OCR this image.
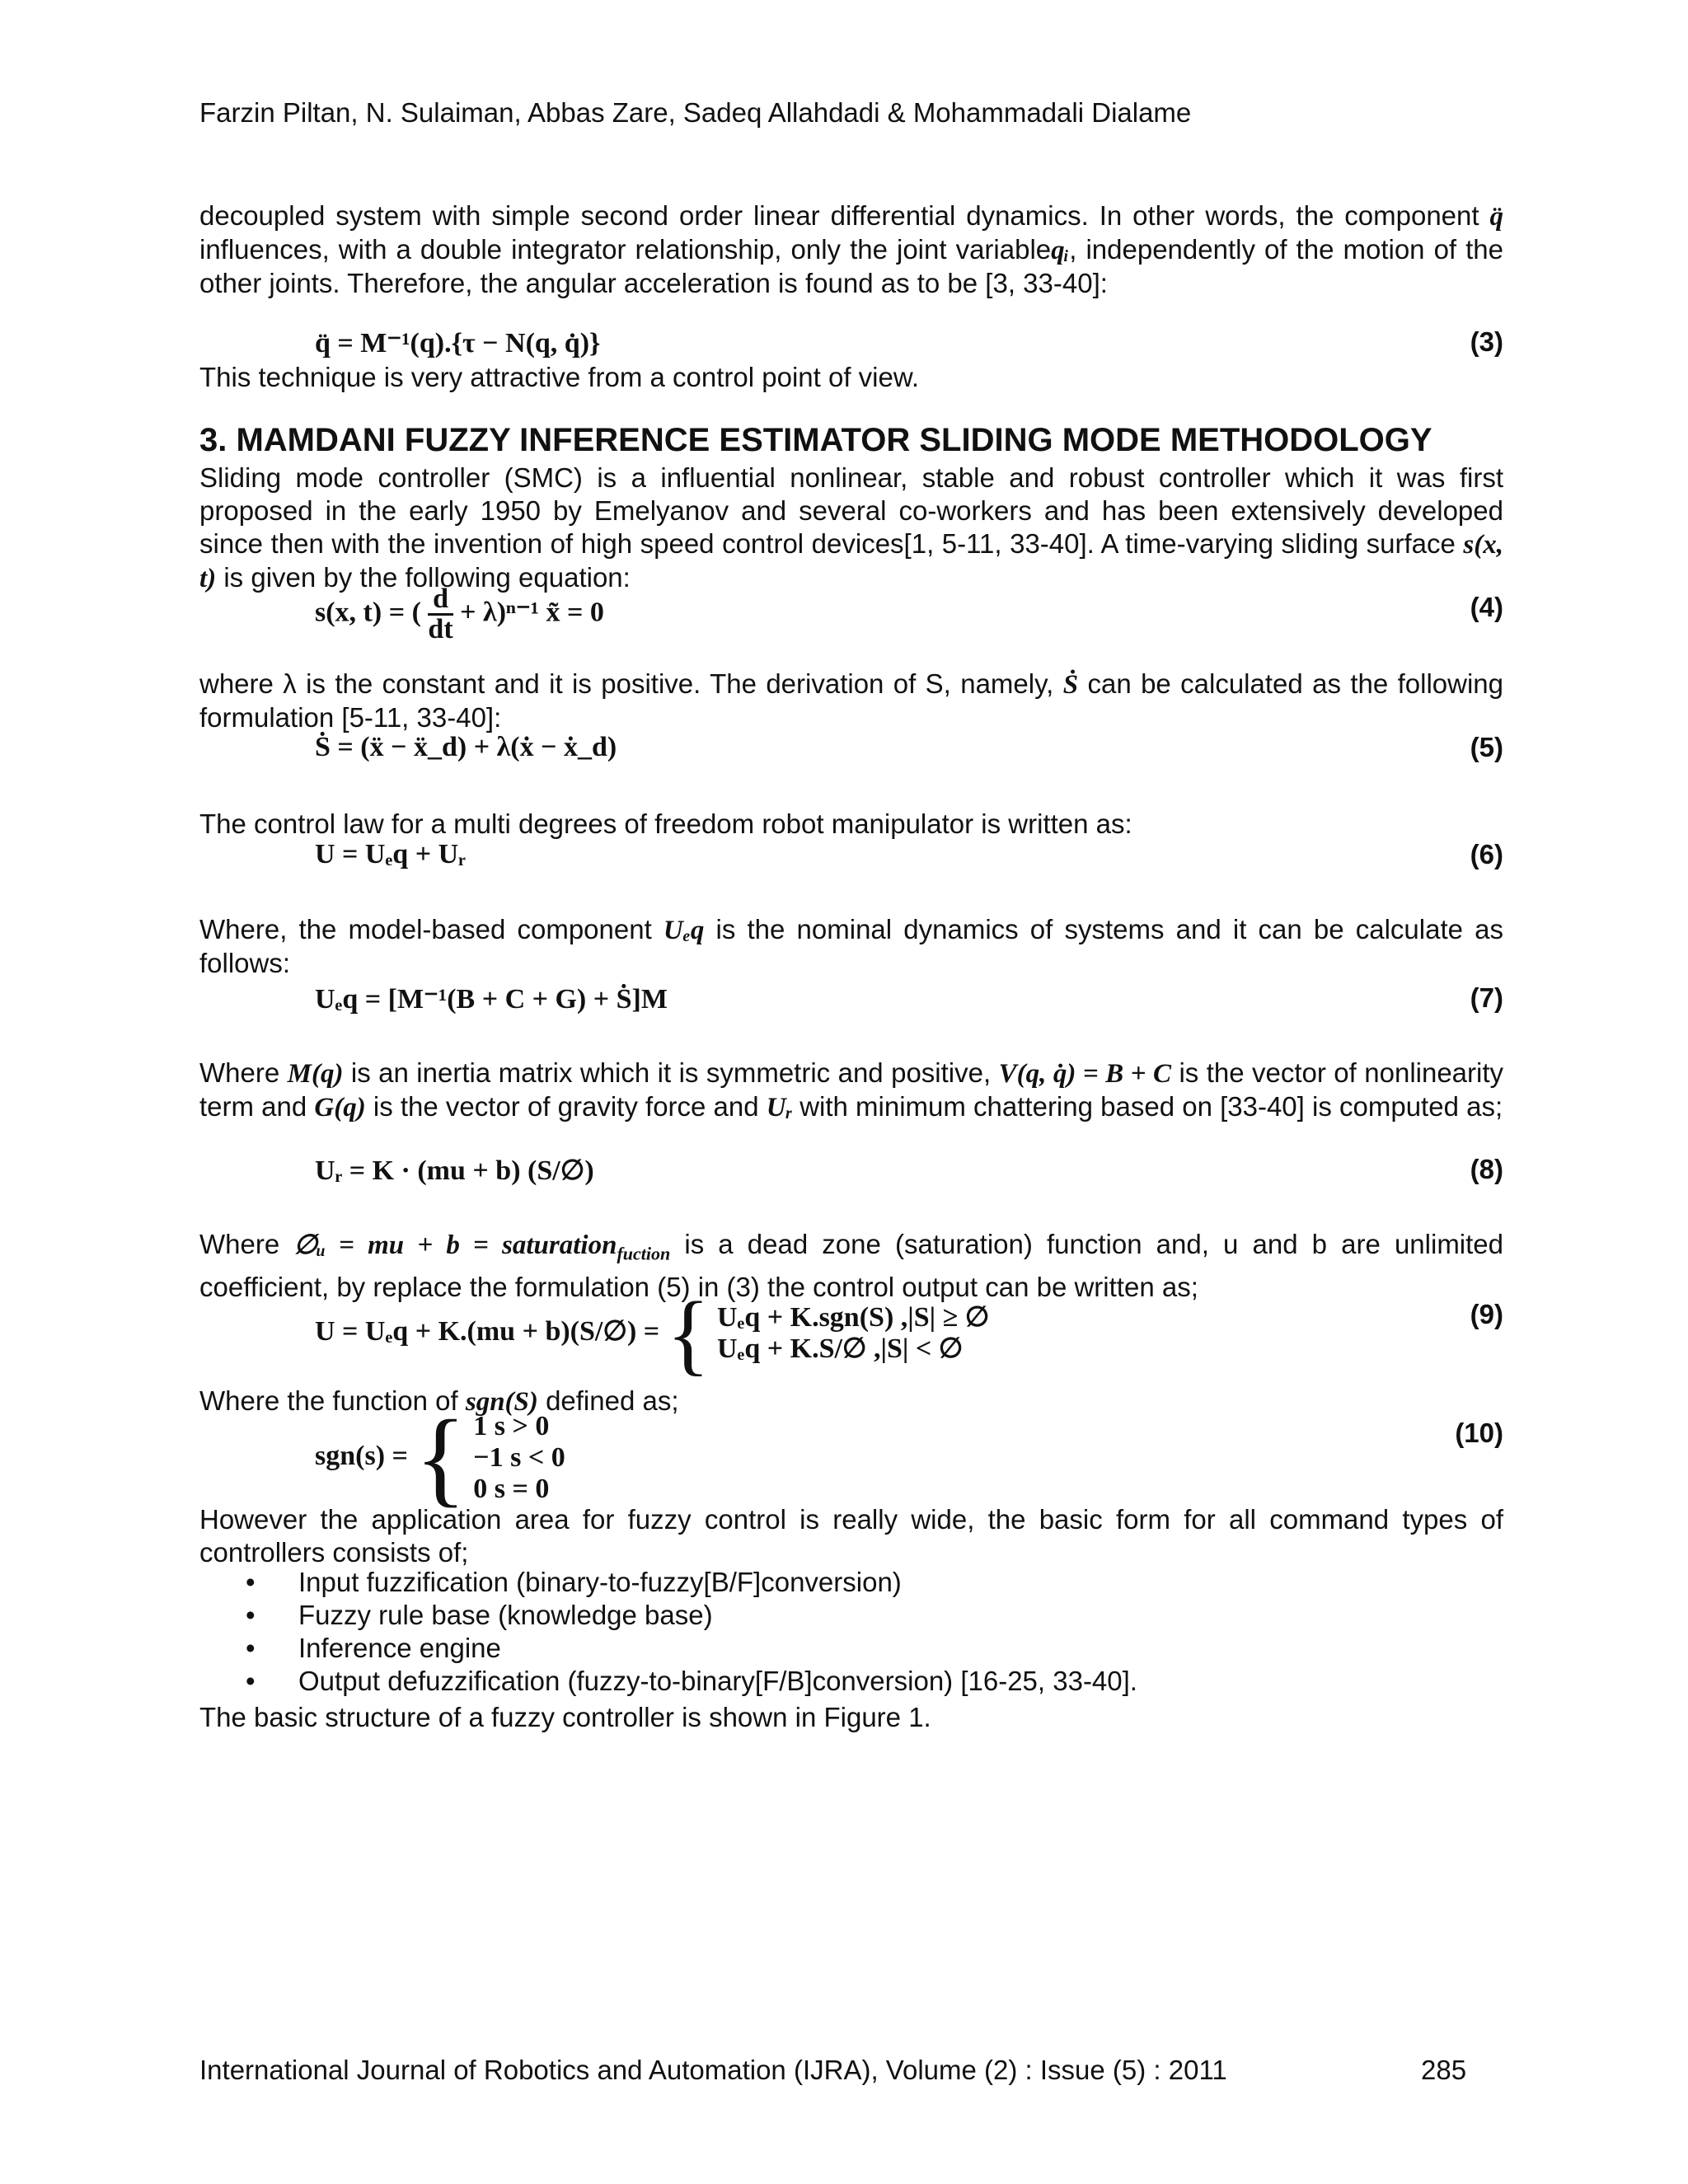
Farzin Piltan, N. Sulaiman, Abbas Zare, Sadeq Allahdadi & Mohammadali Dialame
decoupled system with simple second order linear differential dynamics. In other words, the component q̈ influences, with a double integrator relationship, only the joint variableqᵢ, independently of the motion of the other joints. Therefore, the angular acceleration is found as to be [3, 33-40]:
q̈ = M⁻¹(q).{τ − N(q, q̇)}	(3)
This technique is very attractive from a control point of view.
3. MAMDANI FUZZY INFERENCE ESTIMATOR SLIDING MODE METHODOLOGY
Sliding mode controller (SMC) is a influential nonlinear, stable and robust controller which it was first proposed in the early 1950 by Emelyanov and several co-workers and has been extensively developed since then with the invention of high speed control devices[1, 5-11, 33-40]. A time-varying sliding surface s(x, t) is given by the following equation:
s(x, t) = ( $\frac{d}{dt} + \lambda)^{n-1}$ x̃ = 0	(4)
where λ is the constant and it is positive. The derivation of S, namely, Ṡ can be calculated as the following formulation [5-11, 33-40]:
Ṡ = (ẍ − ẍ_d) + λ(ẋ − ẋ_d)	(5)
The control law for a multi degrees of freedom robot manipulator is written as:
U = Uₑq + Uᵣ	(6)
Where, the model-based component Uₑq is the nominal dynamics of systems and it can be calculate as follows:
Uₑq = [M⁻¹(B + C + G) + Ṡ]M	(7)
Where M(q) is an inertia matrix which it is symmetric and positive, V(q, q̇) = B + C is the vector of nonlinearity term and G(q) is the vector of gravity force and Uᵣ with minimum chattering based on [33-40] is computed as;
Uᵣ = K · (mu + b) (S/∅)	(8)
Where ∅ᵤ = mu + b = saturation$_{fuction}$ is a dead zone (saturation) function and, u and b are unlimited coefficient, by replace the formulation (5) in (3) the control output can be written as;
U = Uₑq + K.(mu + b)(S/∅) = { Uₑq + K.sgn(S) ,|S| ≥ ∅
Uₑq + K.S/∅ ,|S| < ∅
(9)
Where the function of sgn(S) defined as;
sgn(s) = { 1 s > 0
−1 s < 0
0 s = 0
(10)
However the application area for fuzzy control is really wide, the basic form for all command types of controllers consists of;
• Input fuzzification (binary-to-fuzzy[B/F]conversion)
• Fuzzy rule base (knowledge base)
• Inference engine
• Output defuzzification (fuzzy-to-binary[F/B]conversion) [16-25, 33-40].
The basic structure of a fuzzy controller is shown in Figure 1.
International Journal of Robotics and Automation (IJRA), Volume (2) : Issue (5) : 2011	285
